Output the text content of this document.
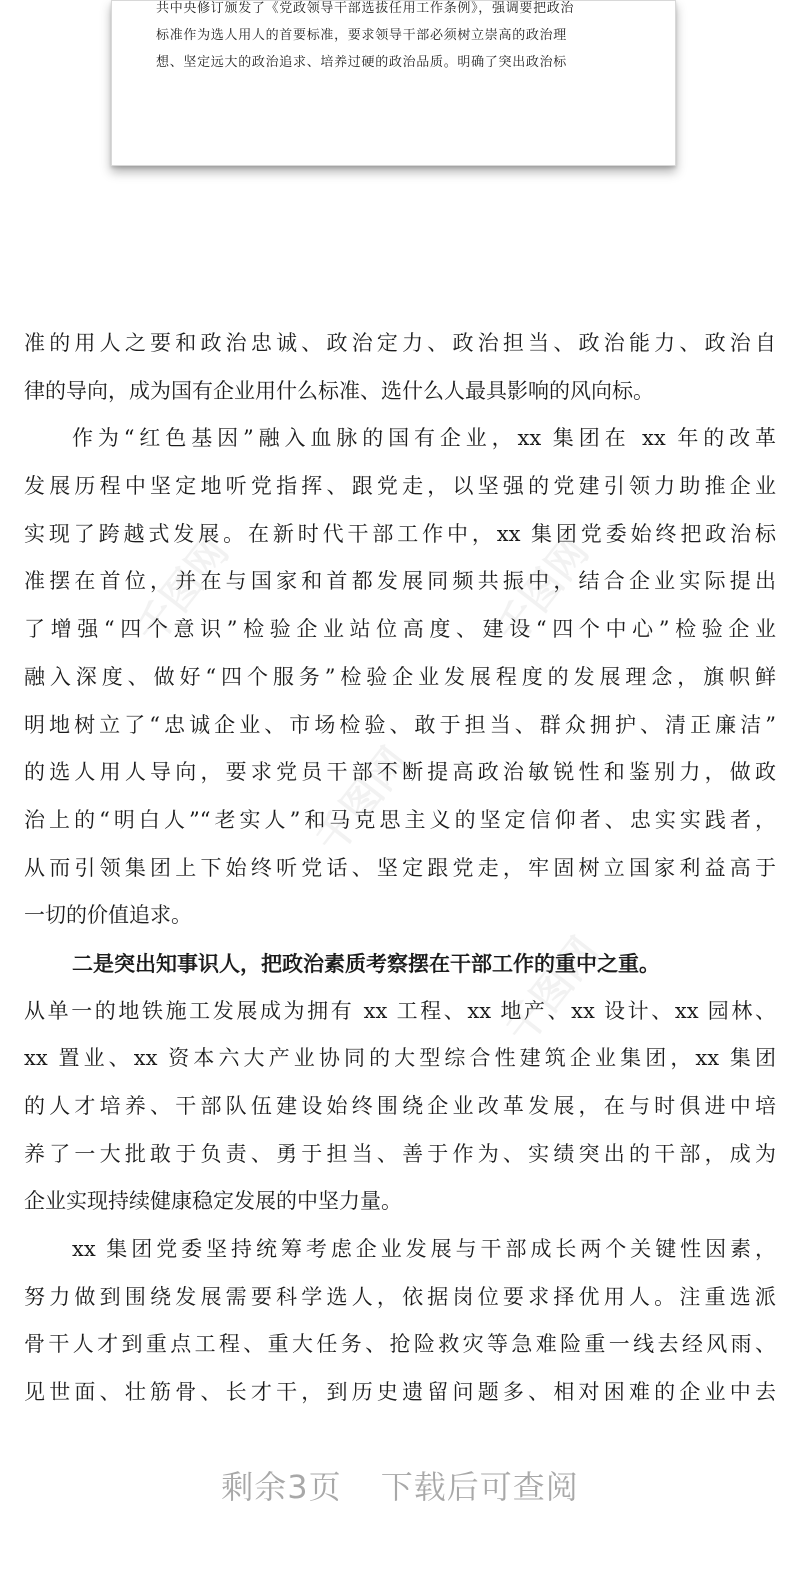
共中央修订颁发了《党政领导干部选拔任用工作条例》，强调要把政治
标准作为选人用人的首要标准，要求领导干部必须树立崇高的政治理
想、坚定远大的政治追求、培养过硬的政治品质。明确了突出政治标
千图网	千图网
千图网
千图网
准的用人之要和政治忠诚、政治定力、政治担当、政治能力、政治自
律的导向，成为国有企业用什么标准、选什么人最具影响的风向标。
作为“红色基因”融入血脉的国有企业，xx 集团在 xx 年的改革
发展历程中坚定地听党指挥、跟党走，以坚强的党建引领力助推企业
实现了跨越式发展。在新时代干部工作中，xx 集团党委始终把政治标
准摆在首位，并在与国家和首都发展同频共振中，结合企业实际提出
了增强“四个意识”检验企业站位高度、建设“四个中心”检验企业
融入深度、做好“四个服务”检验企业发展程度的发展理念，旗帜鲜
明地树立了“忠诚企业、市场检验、敢于担当、群众拥护、清正廉洁”
的选人用人导向，要求党员干部不断提高政治敏锐性和鉴别力，做政
治上的“明白人”“老实人”和马克思主义的坚定信仰者、忠实实践者，
从而引领集团上下始终听党话、坚定跟党走，牢固树立国家利益高于
一切的价值追求。
二是突出知事识人，把政治素质考察摆在干部工作的重中之重。
从单一的地铁施工发展成为拥有 xx 工程、xx 地产、xx 设计、xx 园林、
xx 置业、xx 资本六大产业协同的大型综合性建筑企业集团，xx 集团
的人才培养、干部队伍建设始终围绕企业改革发展，在与时俱进中培
养了一大批敢于负责、勇于担当、善于作为、实绩突出的干部，成为
企业实现持续健康稳定发展的中坚力量。
xx 集团党委坚持统筹考虑企业发展与干部成长两个关键性因素，
努力做到围绕发展需要科学选人，依据岗位要求择优用人。注重选派
骨干人才到重点工程、重大任务、抢险救灾等急难险重一线去经风雨、
见世面、壮筋骨、长才干，到历史遗留问题多、相对困难的企业中去
剩余3页 下载后可查阅
